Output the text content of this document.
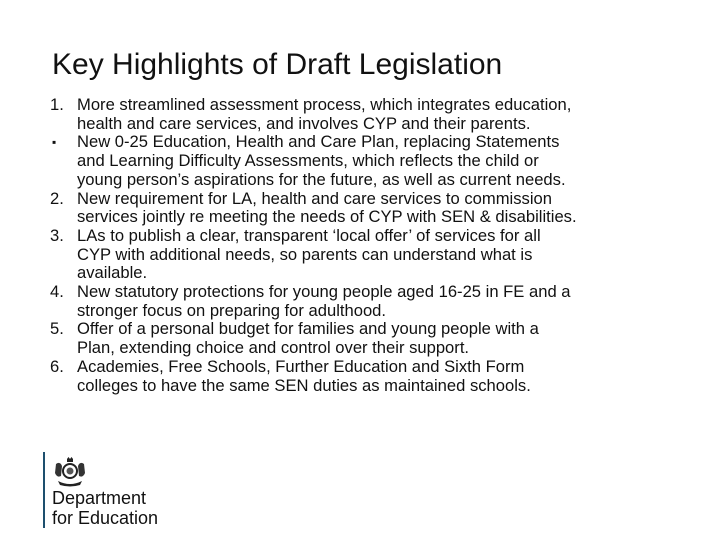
Key Highlights of Draft Legislation
1. More streamlined assessment process, which integrates education,
health and care services, and involves CYP and their parents.
▪	New 0-25 Education, Health and Care Plan, replacing Statements
and Learning Difficulty Assessments, which reflects the child or
young person’s aspirations for the future, as well as current needs.
2. New requirement for LA, health and care services to commission
services jointly re meeting the needs of CYP with SEN & disabilities.
3. LAs to publish a clear, transparent ‘local offer’ of services for all
CYP with additional needs, so parents can understand what is
available.
4. New statutory protections for young people aged 16-25 in FE and a
stronger focus on preparing for adulthood.
5. Offer of a personal budget for families and young people with a
Plan, extending choice and control over their support.
6. Academies, Free Schools, Further Education and Sixth Form
colleges to have the same SEN duties as maintained schools.
Department
for Education
